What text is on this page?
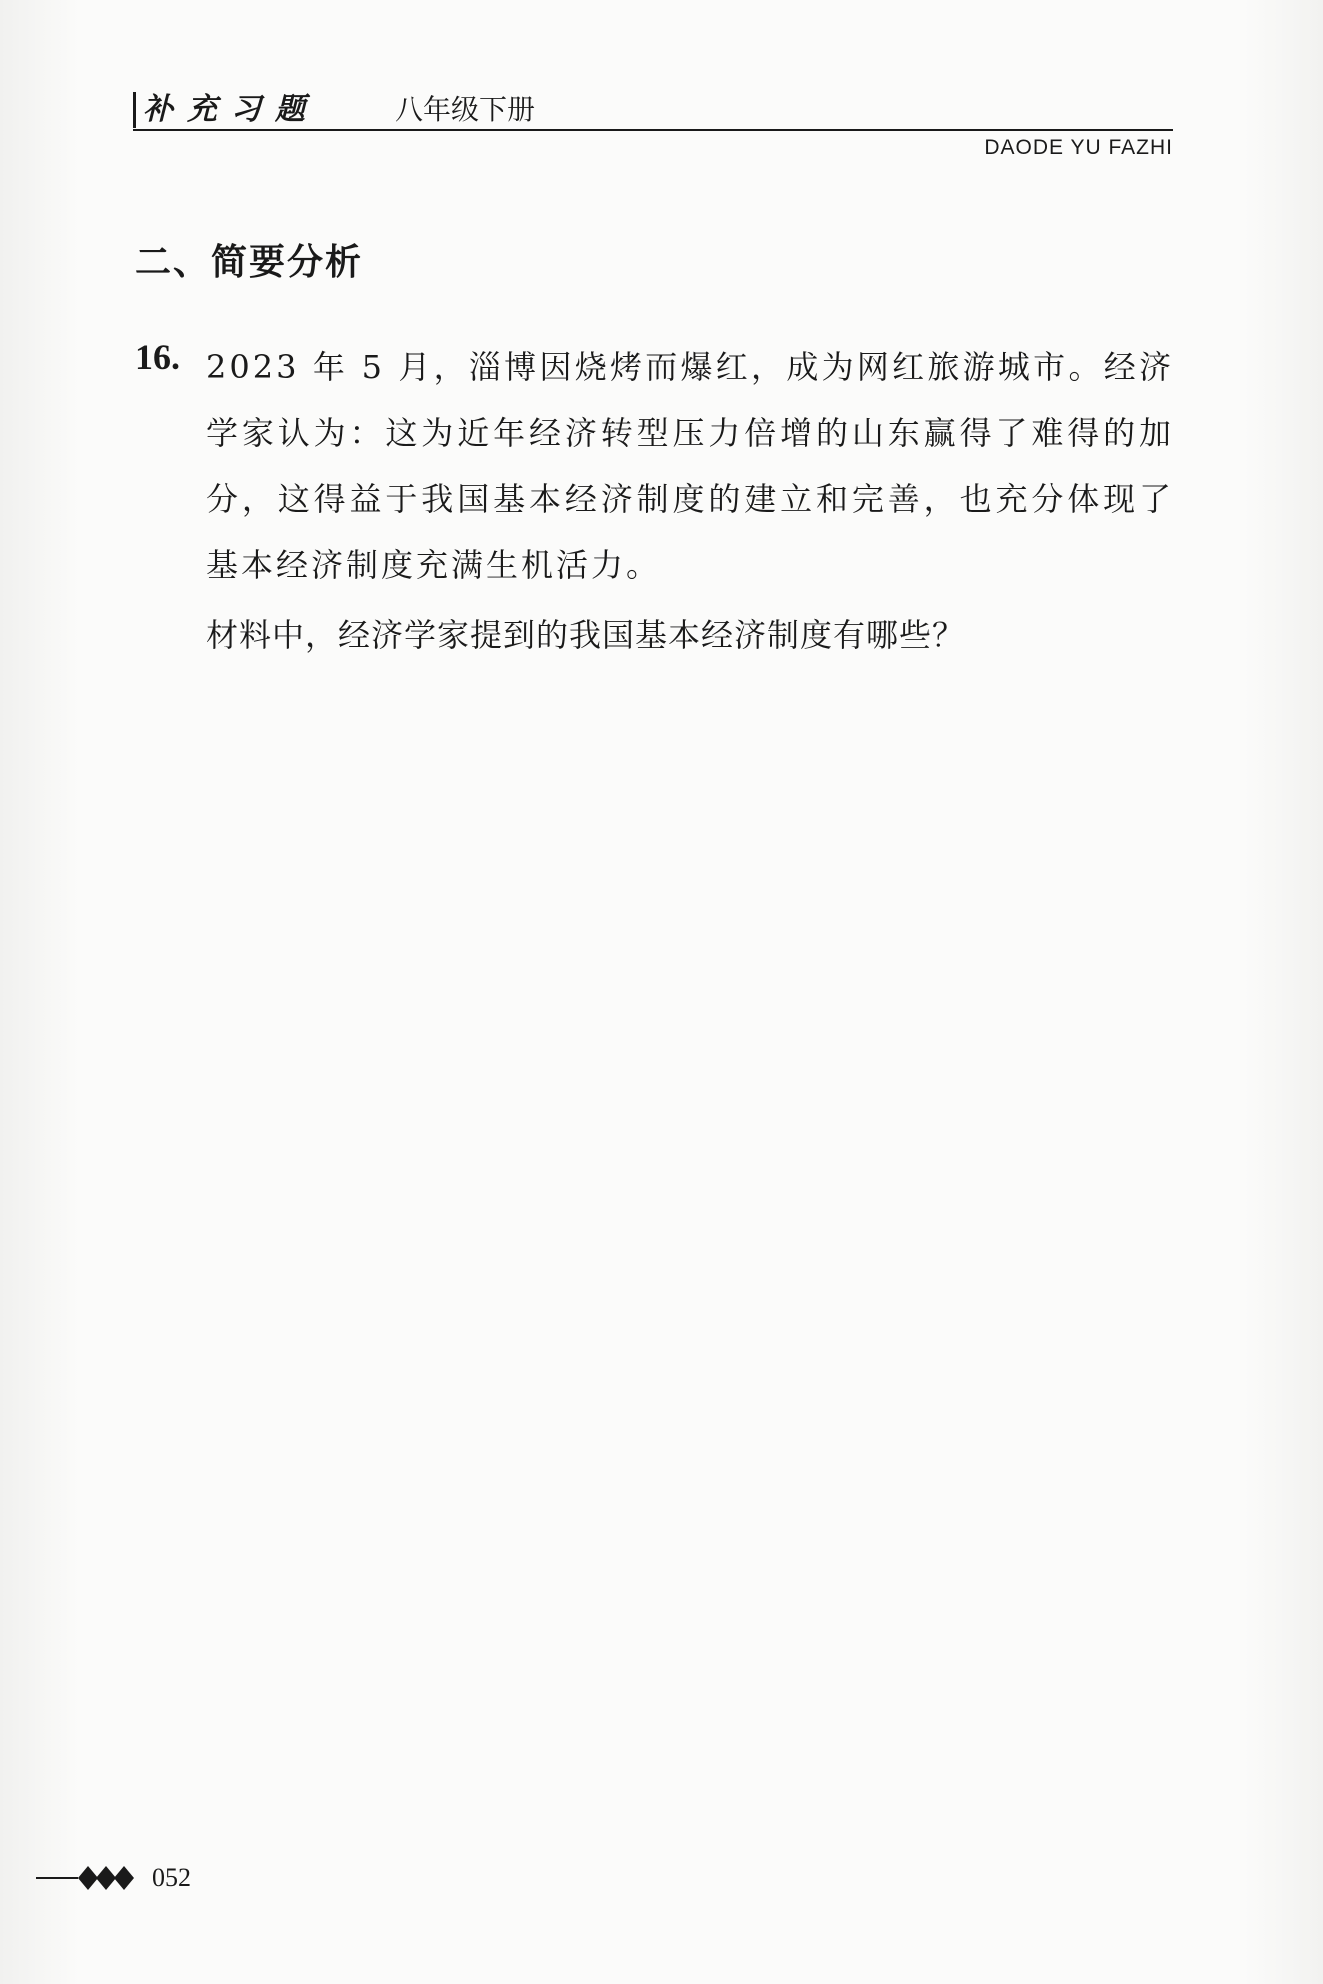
补充习题	八年级下册
DAODE YU FAZHI
二、简要分析
16. 2023 年 5 月，淄博因烧烤而爆红，成为网红旅游城市。经济学家认为：这为近年经济转型压力倍增的山东赢得了难得的加分，这得益于我国基本经济制度的建立和完善，也充分体现了基本经济制度充满生机活力。
材料中，经济学家提到的我国基本经济制度有哪些？
052
